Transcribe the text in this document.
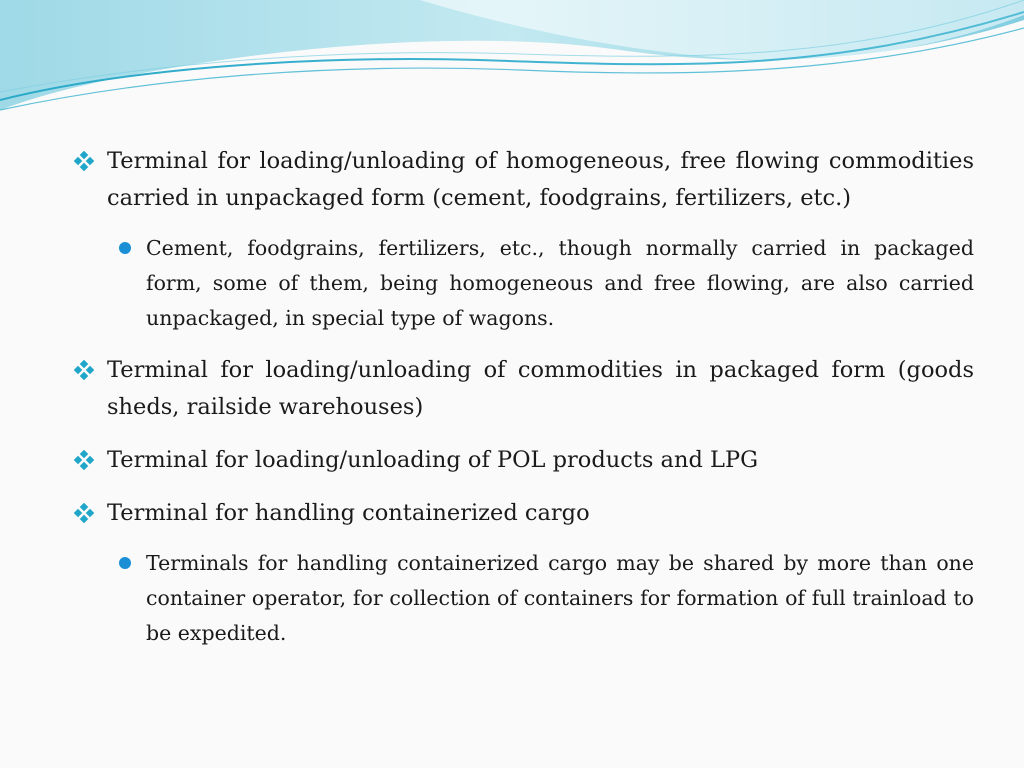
Terminal for loading/unloading of homogeneous, free flowing commodities carried in unpackaged form (cement, foodgrains, fertilizers, etc.)
Cement, foodgrains, fertilizers, etc., though normally carried in packaged form, some of them, being homogeneous and free flowing, are also carried unpackaged, in special type of wagons.
Terminal for loading/unloading of commodities in packaged form (goods sheds, railside warehouses)
Terminal for loading/unloading of POL products and LPG
Terminal for handling containerized cargo
Terminals for handling containerized cargo may be shared by more than one container operator, for collection of containers for formation of full trainload to be expedited.
